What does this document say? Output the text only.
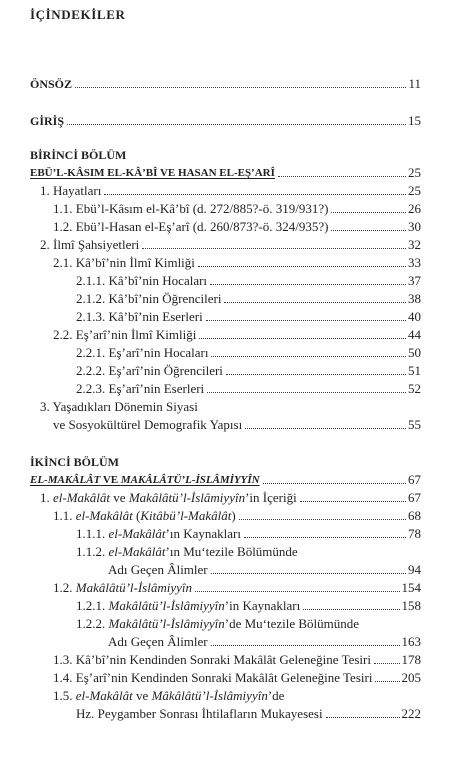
İÇİNDEKİLER
ÖNSÖZ	11
GİRİŞ	15
BİRİNCİ BÖLÜM
EBÜ’L-KÂSIM EL-KÂ’BÎ VE HASAN EL-EŞ’ARÎ	25
1. Hayatları	25
1.1. Ebü’l-Kâsım el-Kâ’bî (d. 272/885?-ö. 319/931?)	26
1.2. Ebü’l-Hasan el-Eş’arî (d. 260/873?-ö. 324/935?)	30
2. İlmî Şahsiyetleri	32
2.1. Kâ’bî’nin İlmî Kimliği	33
2.1.1. Kâ’bî’nin Hocaları	37
2.1.2. Kâ’bî’nin Öğrencileri	38
2.1.3. Kâ’bî’nin Eserleri	40
2.2. Eş’arî’nin İlmî Kimliği	44
2.2.1. Eş’arî’nin Hocaları	50
2.2.2. Eş’arî’nin Öğrencileri	51
2.2.3. Eş’arî’nin Eserleri	52
3. Yaşadıkları Dönemin Siyasi
ve Sosyokültürel Demografik Yapısı	55
İKİNCİ BÖLÜM
EL-MAKÂLÂT VE MAKÂLÂTÜ’L-İSLÂMİYYÎN	67
1. el-Makâlât ve Makâlâtü’l-İslâmiyyîn’in İçeriği	67
1.1. el-Makâlât (Kitâbü’l-Makâlât)	68
1.1.1. el-Makâlât’ın Kaynakları	78
1.1.2. el-Makâlât’ın Mu‘tezile Bölümünde
Adı Geçen Âlimler	94
1.2. Makâlâtü’l-İslâmiyyîn	154
1.2.1. Makâlâtü’l-İslâmiyyîn’in Kaynakları	158
1.2.2. Makâlâtü’l-İslâmiyyîn’de Mu‘tezile Bölümünde
Adı Geçen Âlimler	163
1.3. Kâ’bî’nin Kendinden Sonraki Makâlât Geleneğine Tesiri 178
1.4. Eş’arî’nin Kendinden Sonraki Makâlât Geleneğine Tesiri 205
1.5. el-Makâlât ve Mâkâlâtü’l-İslâmiyyîn’de
Hz. Peygamber Sonrası İhtilafların Mukayesesi	222
